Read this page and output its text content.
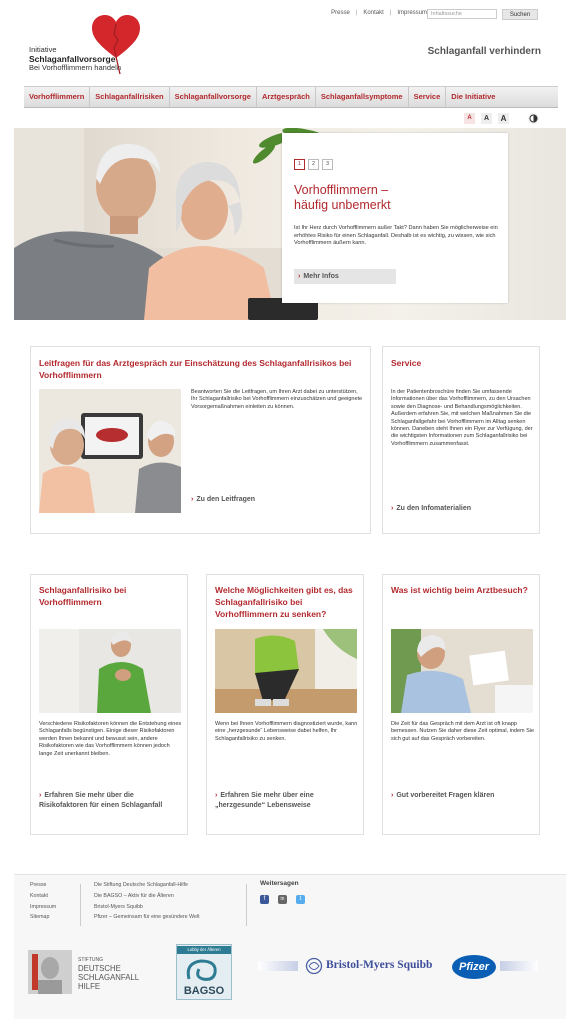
Presse | Kontakt | Impressum Inhaltssuche	Suchen
Initiative
Schlaganfallvorsorge
Bei Vorhofflimmern handeln
Schlaganfall verhindern
Vorhofflimmern	Schlaganfallrisiken	Schlaganfallvorsorge	Arztgespräch	Schlaganfallsymptome	Service	Die Initiative
A	A	A
1	2	3
Vorhofflimmern –
häufig unbemerkt
Ist Ihr Herz durch Vorhofflimmern außer Takt? Dann haben Sie möglicherweise ein erhöhtes Risiko für einen Schlaganfall. Deshalb ist es wichtig, zu wissen, wie sich Vorhofflimmern äußern kann.
› Mehr Infos
Leitfragen für das Arztgespräch zur Einschätzung des Schlaganfallrisikos bei Vorhofflimmern
Beantworten Sie die Leitfragen, um Ihren Arzt dabei zu unterstützen, Ihr Schlaganfallrisiko bei Vorhofflimmern einzuschätzen und geeignete Vorsorgemaßnahmen einleiten zu können.
› Zu den Leitfragen
Service
In der Patientenbroschüre finden Sie umfassende Informationen über das Vorhofflimmern, zu den Ursachen sowie den Diagnose- und Behandlungsmöglichkeiten. Außerdem erfahren Sie, mit welchen Maßnahmen Sie die Schlaganfallgefahr bei Vorhofflimmern im Alltag senken können. Daneben steht Ihnen ein Flyer zur Verfügung, der die wichtigsten Informationen zum Schlaganfallrisiko bei Vorhofflimmern zusammenfasst.
› Zu den Infomaterialien
Schlaganfallrisiko bei Vorhofflimmern
Verschiedene Risikofaktoren können die Entstehung eines Schlaganfalls begünstigen. Einige dieser Risikofaktoren werden Ihnen bekannt und bewusst sein, andere Risikofaktoren wie das Vorhofflimmern können jedoch lange Zeit unerkannt bleiben.
› Erfahren Sie mehr über die Risikofaktoren für einen Schlaganfall
Welche Möglichkeiten gibt es, das Schlaganfallrisiko bei Vorhofflimmern zu senken?
Wenn bei Ihnen Vorhofflimmern diagnostiziert wurde, kann eine „herzgesunde“ Lebensweise dabei helfen, Ihr Schlaganfallrisiko zu senken.
› Erfahren Sie mehr über eine „herzgesunde“ Lebensweise
Was ist wichtig beim Arztbesuch?
Die Zeit für das Gespräch mit dem Arzt ist oft knapp bemessen. Nutzen Sie daher diese Zeit optimal, indem Sie sich gut auf das Gespräch vorbereiten.
› Gut vorbereitet Fragen klären
Presse
Kontakt
Impressum
Sitemap
Die Stiftung Deutsche Schlaganfall-Hilfe
Die BAGSO – Aktiv für die Älteren
Bristol-Myers Squibb
Pfizer – Gemeinsam für eine gesündere Welt
Weitersagen
f	in	t
STIFTUNG
DEUTSCHE
SCHLAGANFALL
HILFE
Lobby der Älteren
BAGSO
Bristol-Myers Squibb	Pfizer
